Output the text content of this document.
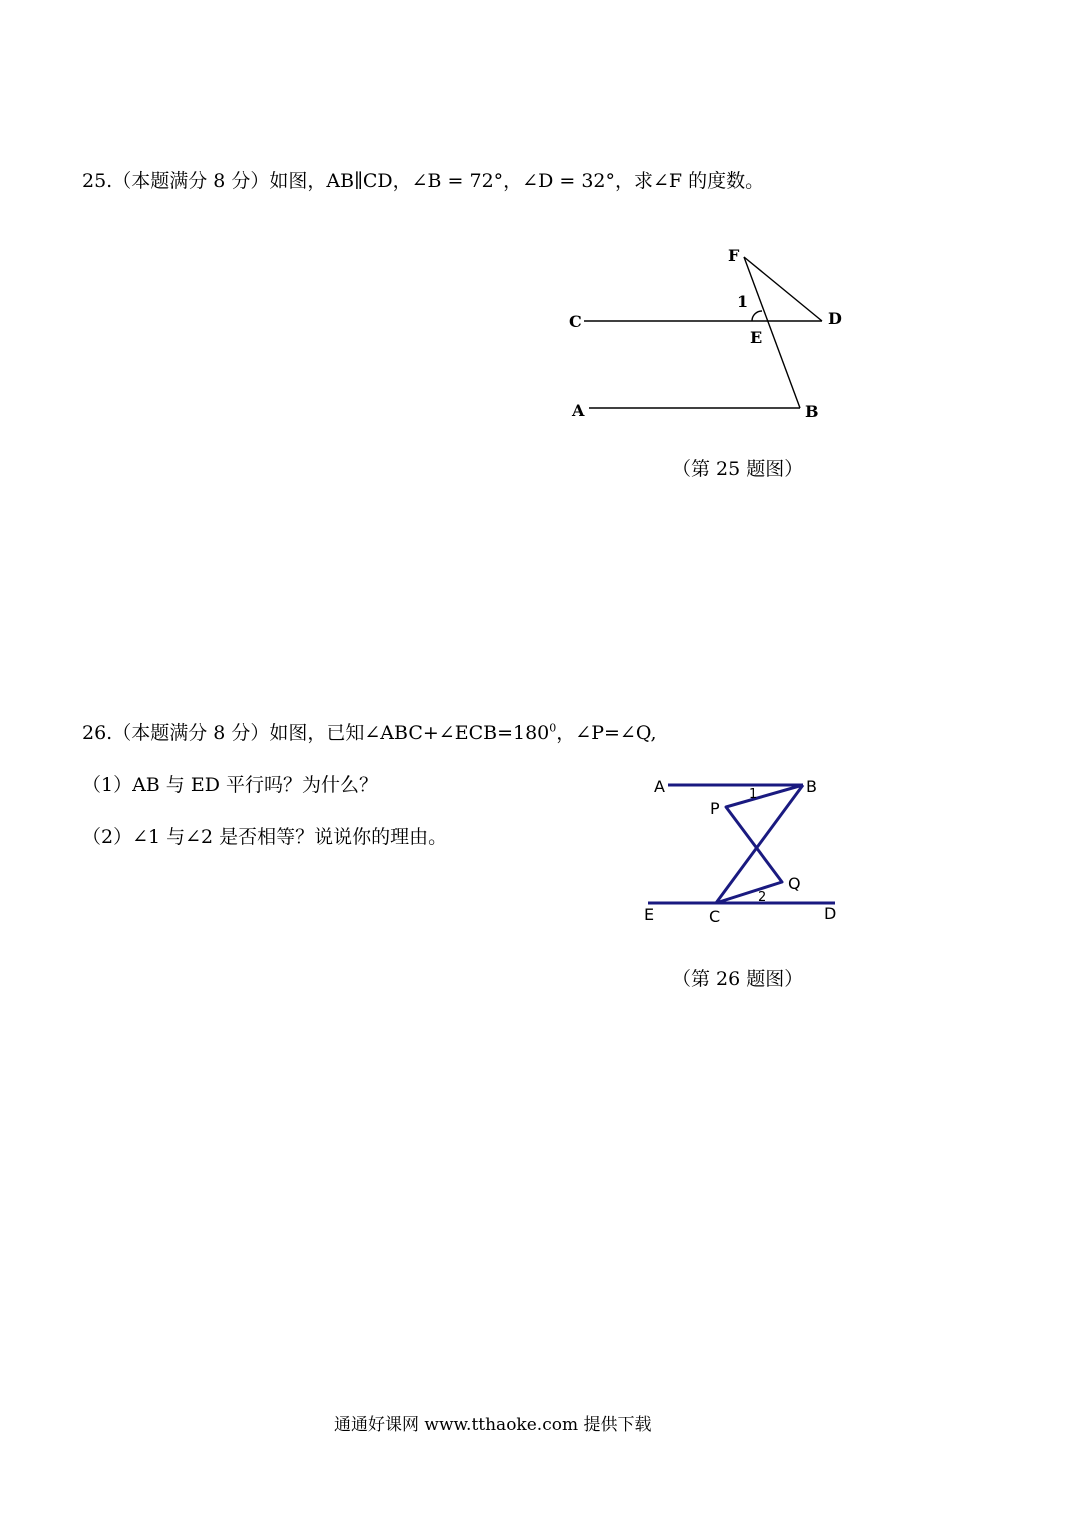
25.（本题满分 8 分）如图，AB∥CD，∠B = 72°，∠D = 32°，求∠F 的度数。
F
1
C
E
D
A	B
（第 25 题图）
26.（本题满分 8 分）如图，已知$\angle ABC+\angle ECB=180^0$，∠P=∠Q,
（1）AB 与 ED 平行吗？为什么？
（2）∠1 与∠2 是否相等？说说你的理由。
A	B
P
1
Q
2
E	C	D
（第 26 题图）
通通好课网 www.tthaoke.com 提供下载
